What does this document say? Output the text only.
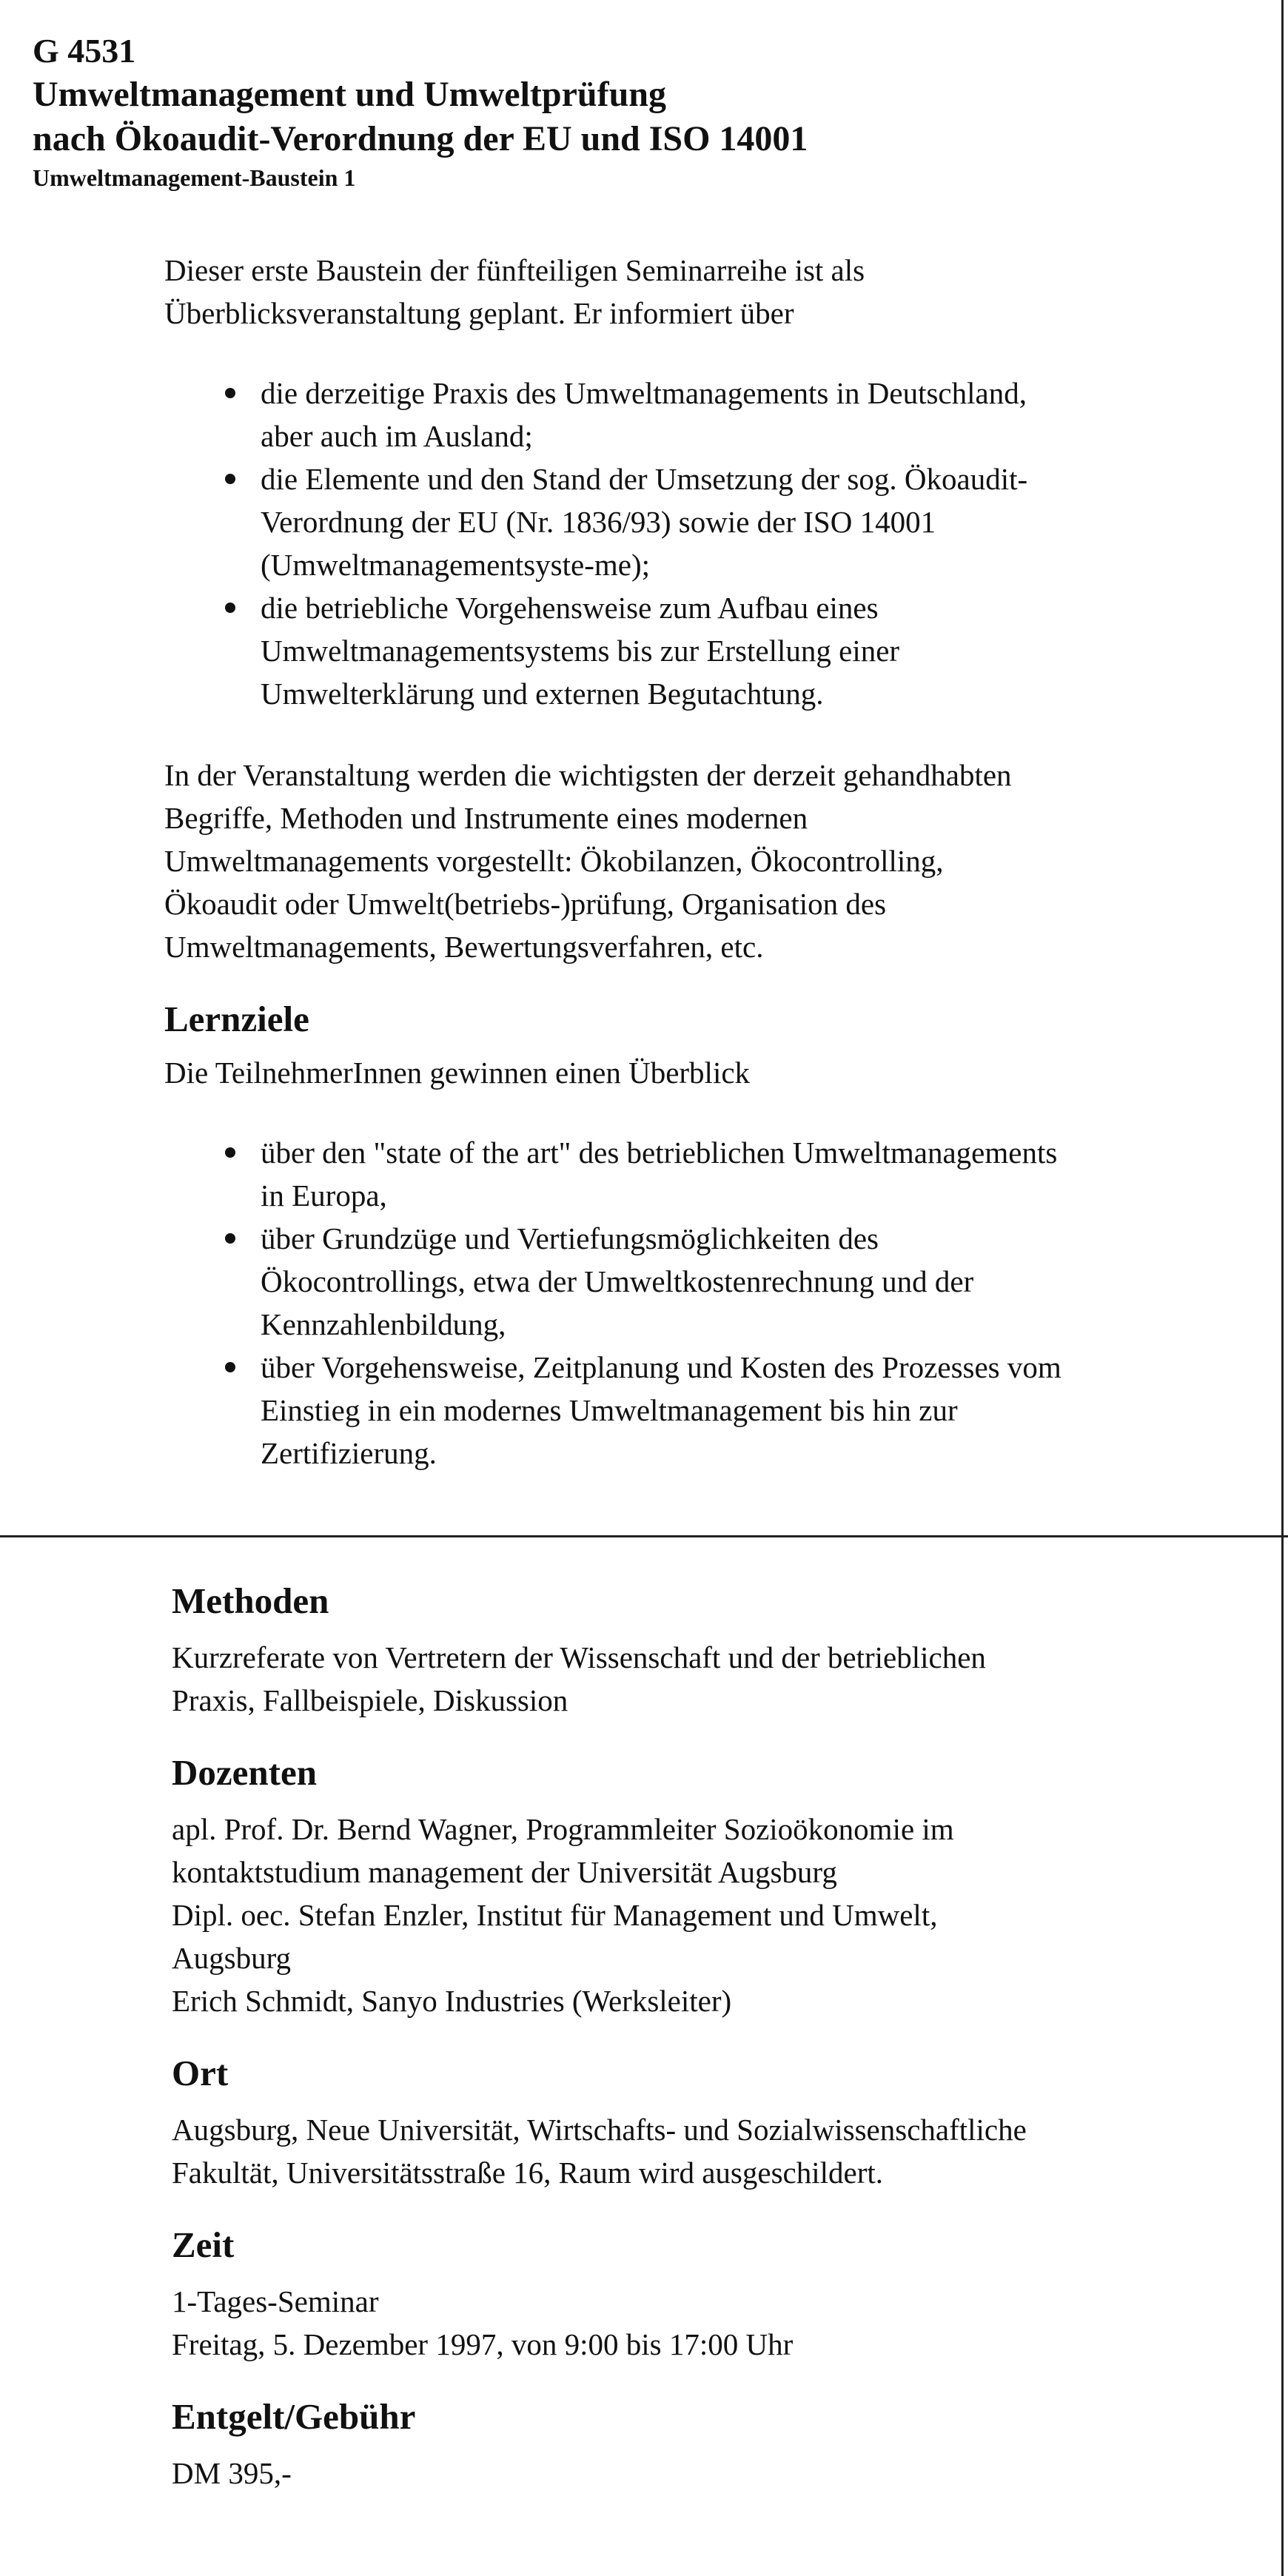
G 4531
Umweltmanagement und Umweltprüfung
nach Ökoaudit-Verordnung der EU und ISO 14001
Umweltmanagement-Baustein 1
Dieser erste Baustein der fünfteiligen Seminarreihe ist als
Überblicksveranstaltung geplant. Er informiert über
die derzeitige Praxis des Umweltmanagements in Deutschland,
aber auch im Ausland;
die Elemente und den Stand der Umsetzung der sog. Ökoaudit-
Verordnung der EU (Nr. 1836/93) sowie der ISO 14001
(Umweltmanagementsyste-me);
die betriebliche Vorgehensweise zum Aufbau eines
Umweltmanagementsystems bis zur Erstellung einer
Umwelterklärung und externen Begutachtung.
In der Veranstaltung werden die wichtigsten der derzeit gehandhabten
Begriffe, Methoden und Instrumente eines modernen
Umweltmanagements vorgestellt: Ökobilanzen, Ökocontrolling,
Ökoaudit oder Umwelt(betriebs-)prüfung, Organisation des
Umweltmanagements, Bewertungsverfahren, etc.
Lernziele
Die TeilnehmerInnen gewinnen einen Überblick
über den "state of the art" des betrieblichen Umweltmanagements
in Europa,
über Grundzüge und Vertiefungsmöglichkeiten des
Ökocontrollings, etwa der Umweltkostenrechnung und der
Kennzahlenbildung,
über Vorgehensweise, Zeitplanung und Kosten des Prozesses vom
Einstieg in ein modernes Umweltmanagement bis hin zur
Zertifizierung.
Methoden
Kurzreferate von Vertretern der Wissenschaft und der betrieblichen
Praxis, Fallbeispiele, Diskussion
Dozenten
apl. Prof. Dr. Bernd Wagner, Programmleiter Sozioökonomie im
kontaktstudium management der Universität Augsburg
Dipl. oec. Stefan Enzler, Institut für Management und Umwelt,
Augsburg
Erich Schmidt, Sanyo Industries (Werksleiter)
Ort
Augsburg, Neue Universität, Wirtschafts- und Sozialwissenschaftliche
Fakultät, Universitätsstraße 16, Raum wird ausgeschildert.
Zeit
1-Tages-Seminar
Freitag, 5. Dezember 1997, von 9:00 bis 17:00 Uhr
Entgelt/Gebühr
DM 395,-
